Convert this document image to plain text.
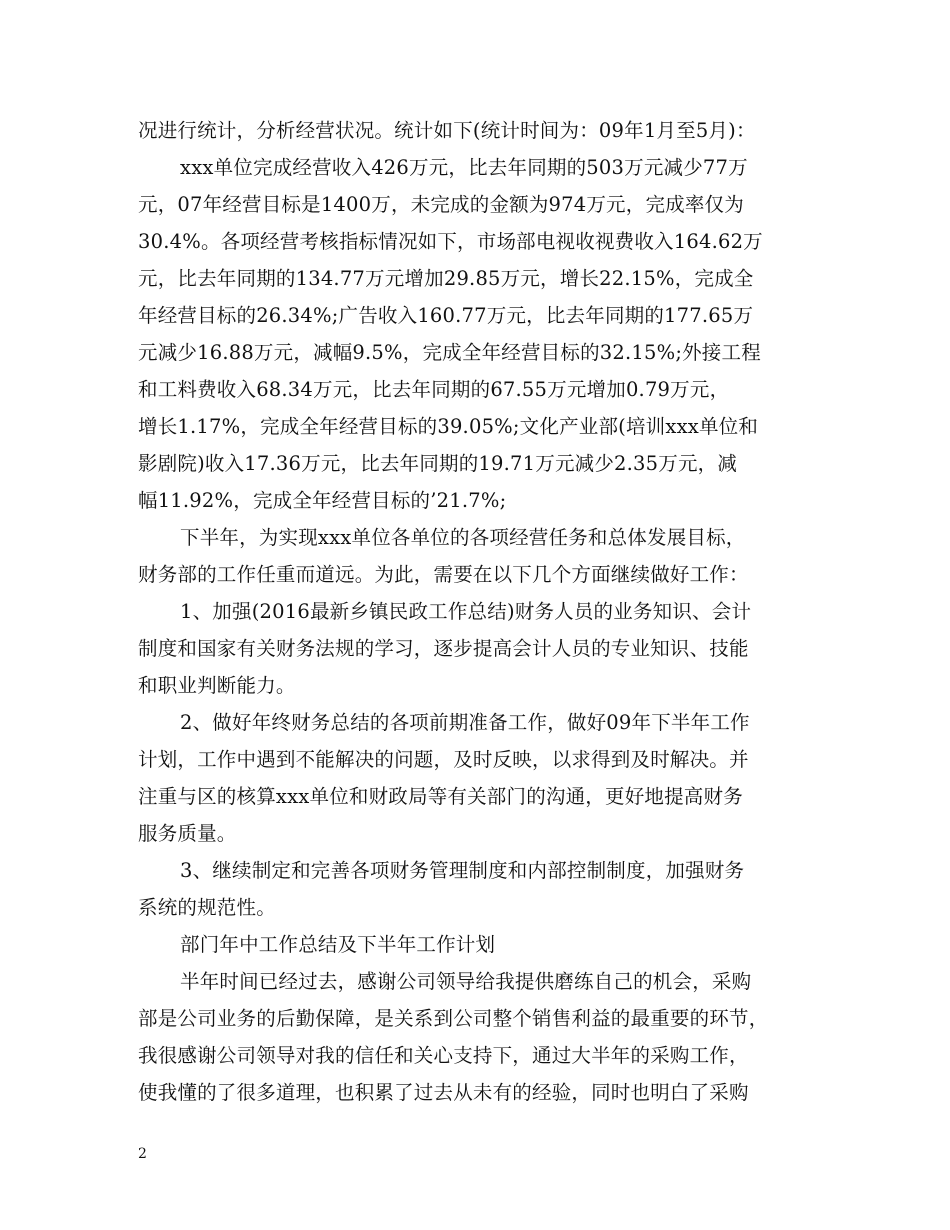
况进行统计，分析经营状况。统计如下(统计时间为：09年1月至5月)：
xxx单位完成经营收入426万元，比去年同期的503万元减少77万
元，07年经营目标是1400万，未完成的金额为974万元，完成率仅为
30.4%。各项经营考核指标情况如下，市场部电视收视费收入164.62万
元，比去年同期的134.77万元增加29.85万元，增长22.15%，完成全
年经营目标的26.34%;广告收入160.77万元，比去年同期的177.65万
元减少16.88万元，减幅9.5%，完成全年经营目标的32.15%;外接工程
和工料费收入68.34万元，比去年同期的67.55万元增加0.79万元，
增长1.17%，完成全年经营目标的39.05%;文化产业部(培训xxx单位和
影剧院)收入17.36万元，比去年同期的19.71万元减少2.35万元，减
幅11.92%，完成全年经营目标的’21.7%;
下半年，为实现xxx单位各单位的各项经营任务和总体发展目标，
财务部的工作任重而道远。为此，需要在以下几个方面继续做好工作：
1、加强(2016最新乡镇民政工作总结)财务人员的业务知识、会计
制度和国家有关财务法规的学习，逐步提高会计人员的专业知识、技能
和职业判断能力。
2、做好年终财务总结的各项前期准备工作，做好09年下半年工作
计划，工作中遇到不能解决的问题，及时反映，以求得到及时解决。并
注重与区的核算xxx单位和财政局等有关部门的沟通，更好地提高财务
服务质量。
3、继续制定和完善各项财务管理制度和内部控制制度，加强财务
系统的规范性。
部门年中工作总结及下半年工作计划
半年时间已经过去，感谢公司领导给我提供磨练自己的机会，采购
部是公司业务的后勤保障，是关系到公司整个销售利益的最重要的环节，
我很感谢公司领导对我的信任和关心支持下，通过大半年的采购工作，
使我懂的了很多道理，也积累了过去从未有的经验，同时也明白了采购
2
